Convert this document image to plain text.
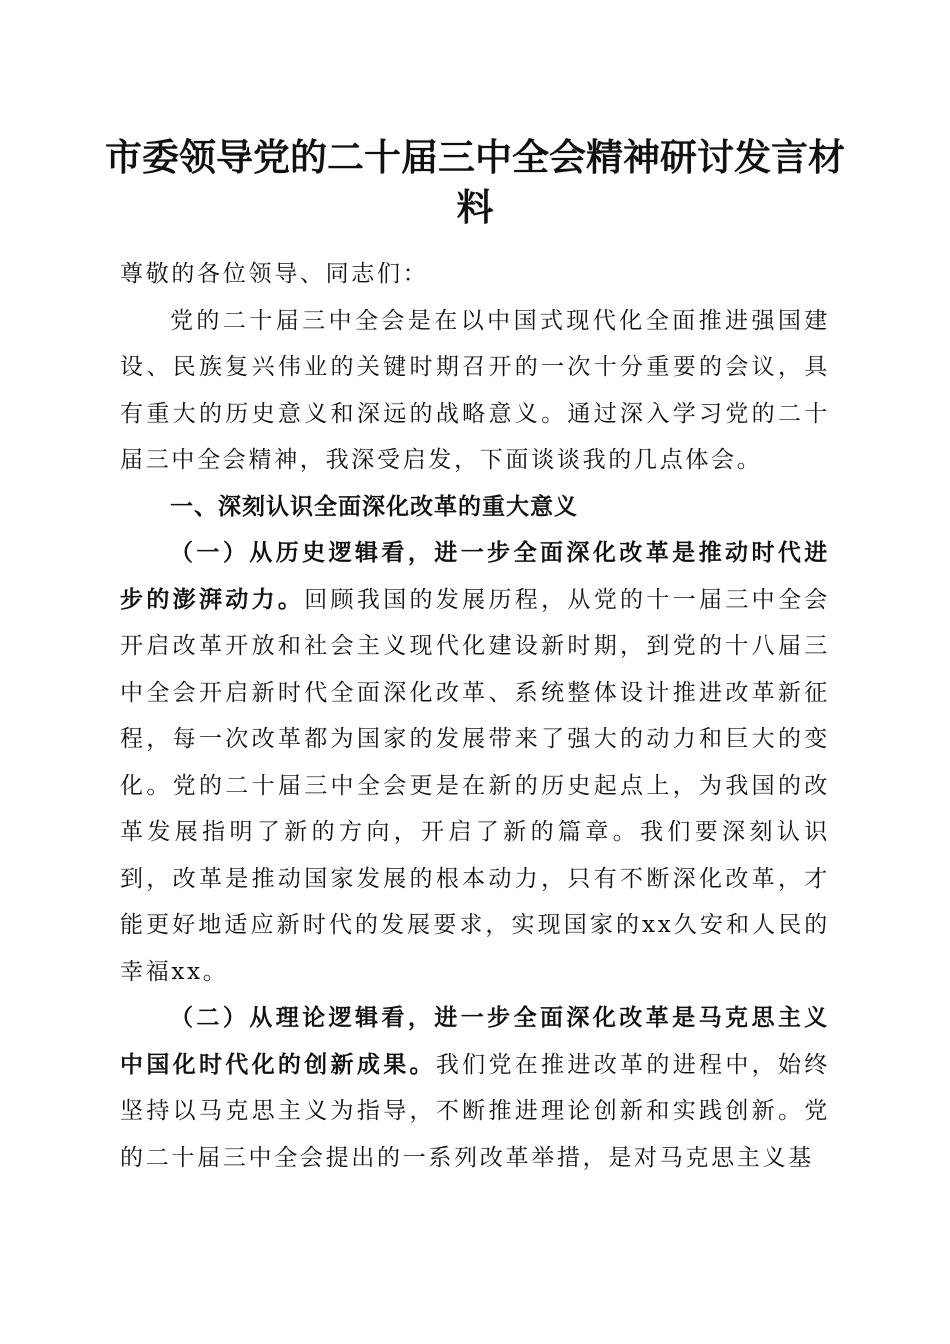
市委领导党的二十届三中全会精神研讨发言材料

尊敬的各位领导、同志们：

党的二十届三中全会是在以中国式现代化全面推进强国建设、民族复兴伟业的关键时期召开的一次十分重要的会议，具有重大的历史意义和深远的战略意义。通过深入学习党的二十届三中全会精神，我深受启发，下面谈谈我的几点体会。

一、深刻认识全面深化改革的重大意义

（一）从历史逻辑看，进一步全面深化改革是推动时代进步的澎湃动力。回顾我国的发展历程，从党的十一届三中全会开启改革开放和社会主义现代化建设新时期，到党的十八届三中全会开启新时代全面深化改革、系统整体设计推进改革新征程，每一次改革都为国家的发展带来了强大的动力和巨大的变化。党的二十届三中全会更是在新的历史起点上，为我国的改革发展指明了新的方向，开启了新的篇章。我们要深刻认识到，改革是推动国家发展的根本动力，只有不断深化改革，才能更好地适应新时代的发展要求，实现国家的xx久安和人民的幸福xx。

（二）从理论逻辑看，进一步全面深化改革是马克思主义中国化时代化的创新成果。我们党在推进改革的进程中，始终坚持以马克思主义为指导，不断推进理论创新和实践创新。党的二十届三中全会提出的一系列改革举措，是对马克思主义基
